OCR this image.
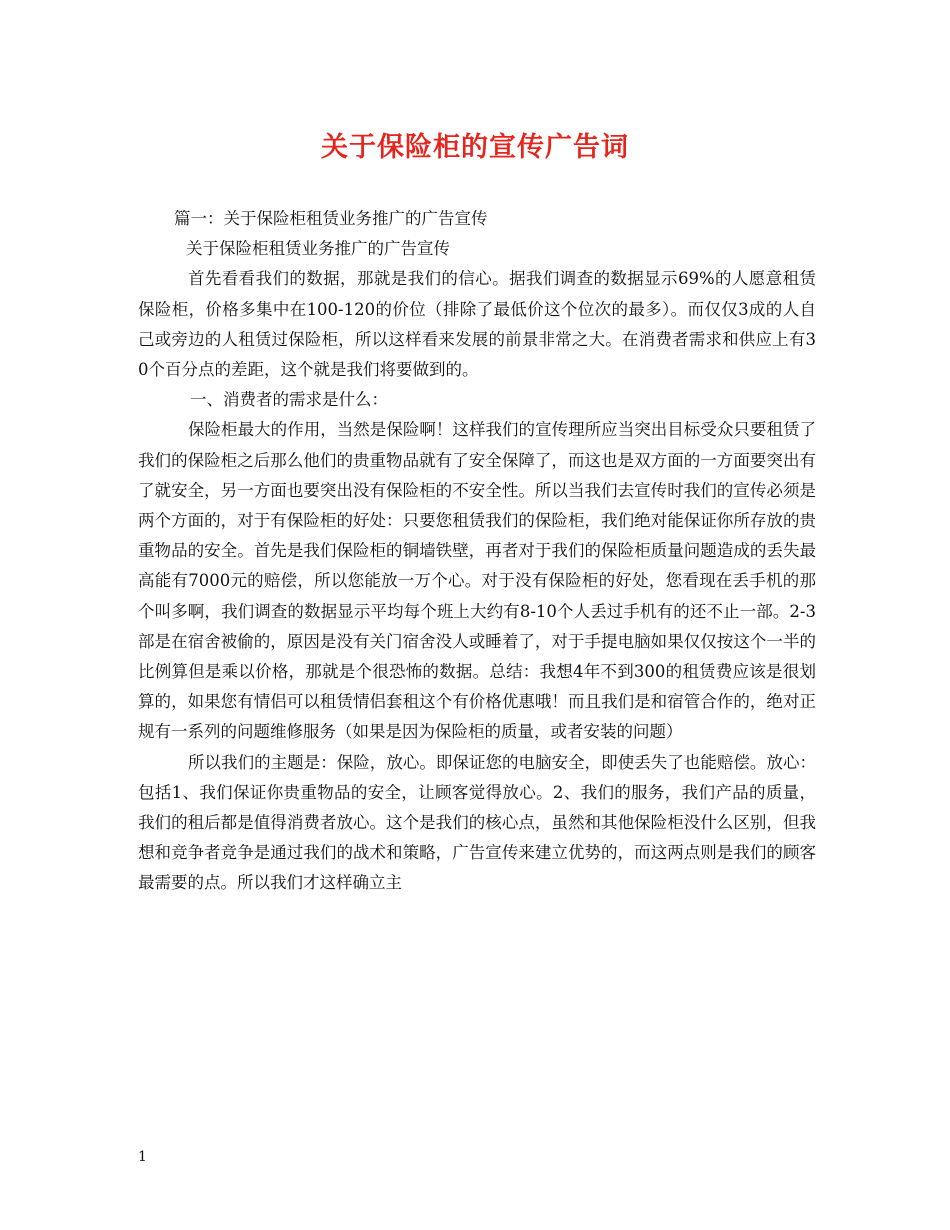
关于保险柜的宣传广告词

篇一：关于保险柜租赁业务推广的广告宣传

关于保险柜租赁业务推广的广告宣传

首先看看我们的数据，那就是我们的信心。据我们调查的数据显示69%的人愿意租赁保险柜，价格多集中在100-120的价位（排除了最低价这个位次的最多）。而仅仅3成的人自己或旁边的人租赁过保险柜，所以这样看来发展的前景非常之大。在消费者需求和供应上有30个百分点的差距，这个就是我们将要做到的。

一、消费者的需求是什么：

保险柜最大的作用，当然是保险啊！这样我们的宣传理所应当突出目标受众只要租赁了我们的保险柜之后那么他们的贵重物品就有了安全保障了，而这也是双方面的一方面要突出有了就安全，另一方面也要突出没有保险柜的不安全性。所以当我们去宣传时我们的宣传必须是两个方面的，对于有保险柜的好处：只要您租赁我们的保险柜，我们绝对能保证你所存放的贵重物品的安全。首先是我们保险柜的铜墙铁壁，再者对于我们的保险柜质量问题造成的丢失最高能有7000元的赔偿，所以您能放一万个心。对于没有保险柜的好处，您看现在丢手机的那个叫多啊，我们调查的数据显示平均每个班上大约有8-10个人丢过手机有的还不止一部。2-3部是在宿舍被偷的，原因是没有关门宿舍没人或睡着了，对于手提电脑如果仅仅按这个一半的比例算但是乘以价格，那就是个很恐怖的数据。总结：我想4年不到300的租赁费应该是很划算的，如果您有情侣可以租赁情侣套租这个有价格优惠哦！而且我们是和宿管合作的，绝对正规有一系列的问题维修服务（如果是因为保险柜的质量，或者安装的问题）

所以我们的主题是：保险，放心。即保证您的电脑安全，即使丢失了也能赔偿。放心：包括1、我们保证你贵重物品的安全，让顾客觉得放心。2、我们的服务，我们产品的质量，我们的租后都是值得消费者放心。这个是我们的核心点，虽然和其他保险柜没什么区别，但我想和竞争者竞争是通过我们的战术和策略，广告宣传来建立优势的，而这两点则是我们的顾客最需要的点。所以我们才这样确立主

1
